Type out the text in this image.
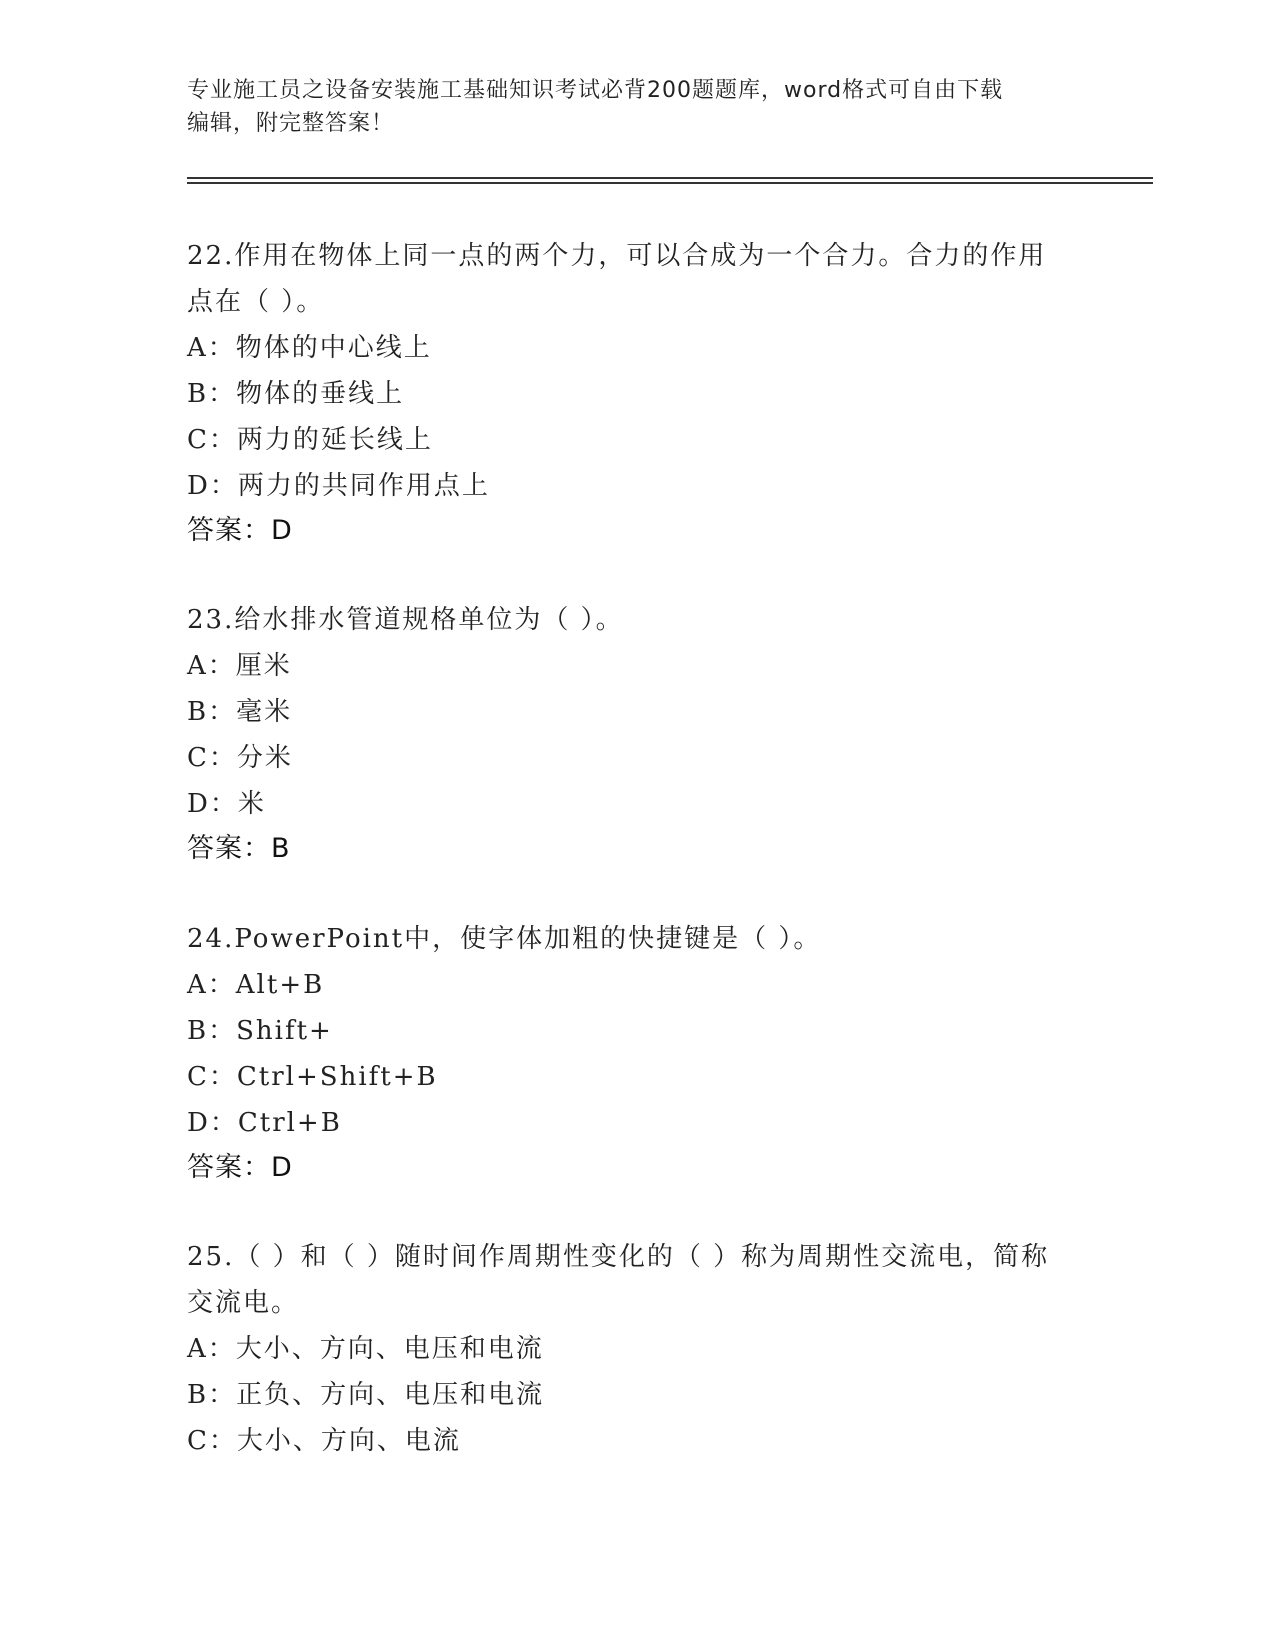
专业施工员之设备安装施工基础知识考试必背200题题库，word格式可自由下载
编辑，附完整答案！
22.作用在物体上同一点的两个力，可以合成为一个合力。合力的作用点在（ ）。
A：物体的中心线上
B：物体的垂线上
C：两力的延长线上
D：两力的共同作用点上
答案：D
23.给水排水管道规格单位为（ ）。
A：厘米
B：毫米
C：分米
D：米
答案：B
24.PowerPoint中，使字体加粗的快捷键是（ ）。
A：Alt+B
B：Shift+
C：Ctrl+Shift+B
D：Ctrl+B
答案：D
25.（ ）和（ ）随时间作周期性变化的（ ）称为周期性交流电，简称交流电。
A：大小、方向、电压和电流
B：正负、方向、电压和电流
C：大小、方向、电流
